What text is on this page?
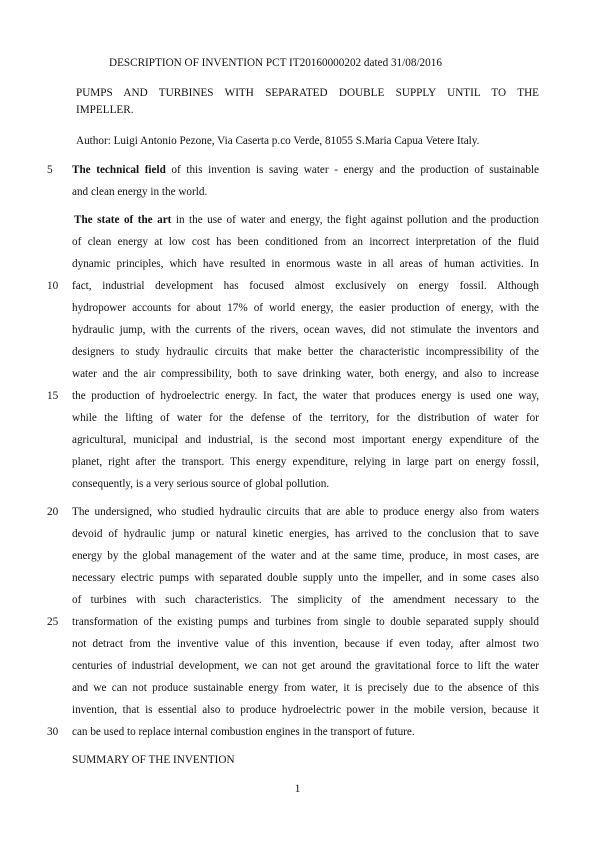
DESCRIPTION OF INVENTION PCT IT20160000202 dated 31/08/2016
PUMPS AND TURBINES WITH SEPARATED DOUBLE SUPPLY UNTIL TO THE
IMPELLER.
Author: Luigi Antonio Pezone, Via Caserta p.co Verde, 81055 S.Maria Capua Vetere Italy.
5	The technical field of this invention is saving water - energy and the production of sustainable
and clean energy in the world.
The state of the art in the use of water and energy, the fight against pollution and the production
of clean energy at low cost has been conditioned from an incorrect interpretation of the fluid
dynamic principles, which have resulted in enormous waste in all areas of human activities. In
10	fact, industrial development has focused almost exclusively on energy fossil. Although
hydropower accounts for about 17% of world energy, the easier production of energy, with the
hydraulic jump, with the currents of the rivers, ocean waves, did not stimulate the inventors and
designers to study hydraulic circuits that make better the characteristic incompressibility of the
water and the air compressibility, both to save drinking water, both energy, and also to increase
15	the production of hydroelectric energy. In fact, the water that produces energy is used one way,
while the lifting of water for the defense of the territory, for the distribution of water for
agricultural, municipal and industrial, is the second most important energy expenditure of the
planet, right after the transport. This energy expenditure, relying in large part on energy fossil,
consequently, is a very serious source of global pollution.
20	The undersigned, who studied hydraulic circuits that are able to produce energy also from waters
devoid of hydraulic jump or natural kinetic energies, has arrived to the conclusion that to save
energy by the global management of the water and at the same time, produce, in most cases, are
necessary electric pumps with separated double supply unto the impeller, and in some cases also
of turbines with such characteristics. The simplicity of the amendment necessary to the
25	transformation of the existing pumps and turbines from single to double separated supply should
not detract from the inventive value of this invention, because if even today, after almost two
centuries of industrial development, we can not get around the gravitational force to lift the water
and we can not produce sustainable energy from water, it is precisely due to the absence of this
invention, that is essential also to produce hydroelectric power in the mobile version, because it
30	can be used to replace internal combustion engines in the transport of future.
SUMMARY OF THE INVENTION
1
